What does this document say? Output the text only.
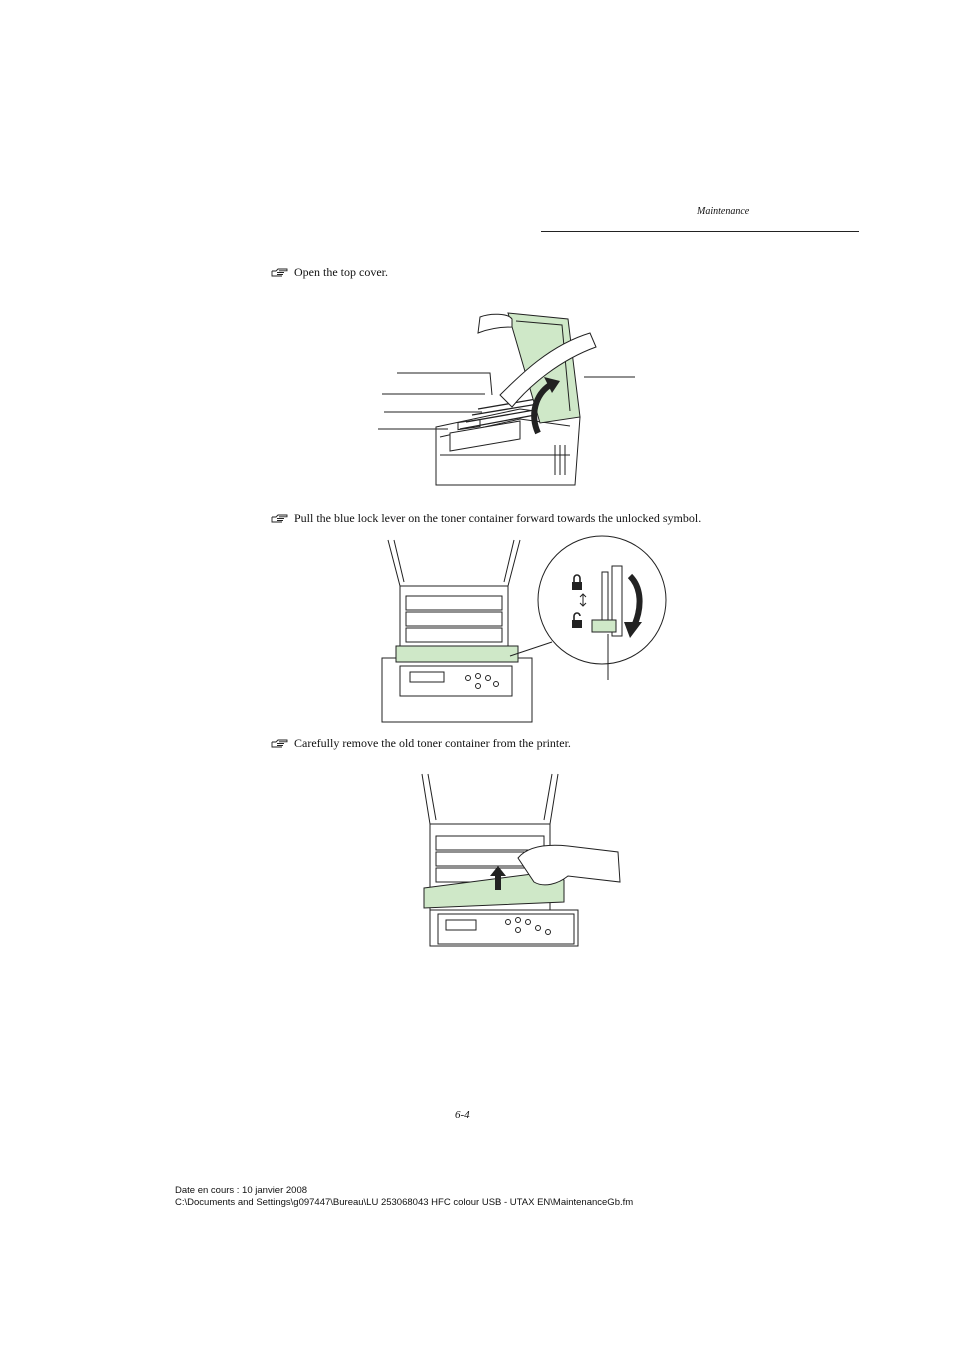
Maintenance
Open the top cover.
Pull the blue lock lever on the toner container forward towards the unlocked symbol.
Carefully remove the old toner container from the printer.
6-4
Date en cours : 10 janvier 2008
C:\Documents and Settings\g097447\Bureau\LU 253068043 HFC colour USB - UTAX EN\MaintenanceGb.fm
